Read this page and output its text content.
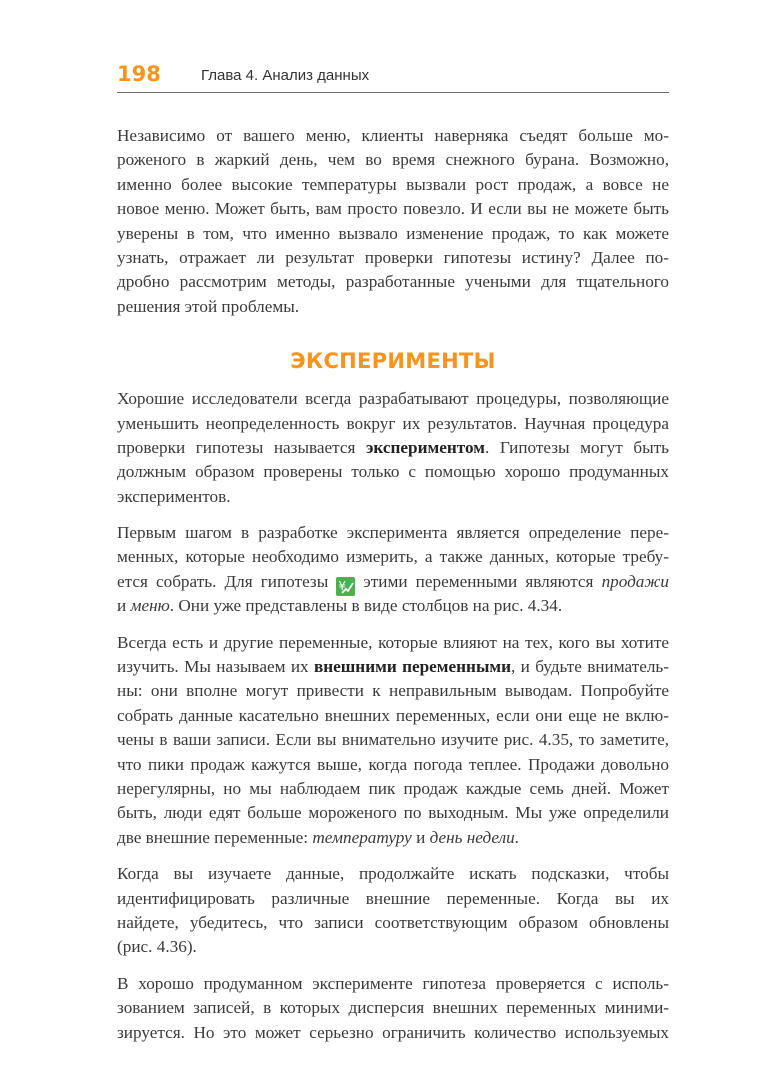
198	Глава 4. Анализ данных
Независимо от вашего меню, клиенты наверняка съедят больше мо-
роженого в жаркий день, чем во время снежного бурана. Возможно,
именно более высокие температуры вызвали рост продаж, а вовсе не
новое меню. Может быть, вам просто повезло. И если вы не можете быть
уверены в том, что именно вызвало изменение продаж, то как можете
узнать, отражает ли результат проверки гипотезы истину? Далее по-
дробно рассмотрим методы, разработанные учеными для тщательного
решения этой проблемы.
ЭКСПЕРИМЕНТЫ
Хорошие исследователи всегда разрабатывают процедуры, позволяющие
уменьшить неопределенность вокруг их результатов. Научная процедура
проверки гипотезы называется экспериментом. Гипотезы могут быть
должным образом проверены только с помощью хорошо продуманных
экспериментов.
Первым шагом в разработке эксперимента является определение пере-
менных, которые необходимо измерить, а также данных, которые требу-
ется собрать. Для гипотезы ¥
этими переменными являются продажи
и меню. Они уже представлены в виде столбцов на рис. 4.34.
Всегда есть и другие переменные, которые влияют на тех, кого вы хотите
изучить. Мы называем их внешними переменными, и будьте вниматель-
ны: они вполне могут привести к неправильным выводам. Попробуйте
собрать данные касательно внешних переменных, если они еще не вклю-
чены в ваши записи. Если вы внимательно изучите рис. 4.35, то заметите,
что пики продаж кажутся выше, когда погода теплее. Продажи довольно
нерегулярны, но мы наблюдаем пик продаж каждые семь дней. Может
быть, люди едят больше мороженого по выходным. Мы уже определили
две внешние переменные: температуру и день недели.
Когда вы изучаете данные, продолжайте искать подсказки, чтобы
идентифицировать различные внешние переменные. Когда вы их
найдете, убедитесь, что записи соответствующим образом обновлены
(рис. 4.36).
В хорошо продуманном эксперименте гипотеза проверяется с исполь-
зованием записей, в которых дисперсия внешних переменных миними-
зируется. Но это может серьезно ограничить количество используемых
